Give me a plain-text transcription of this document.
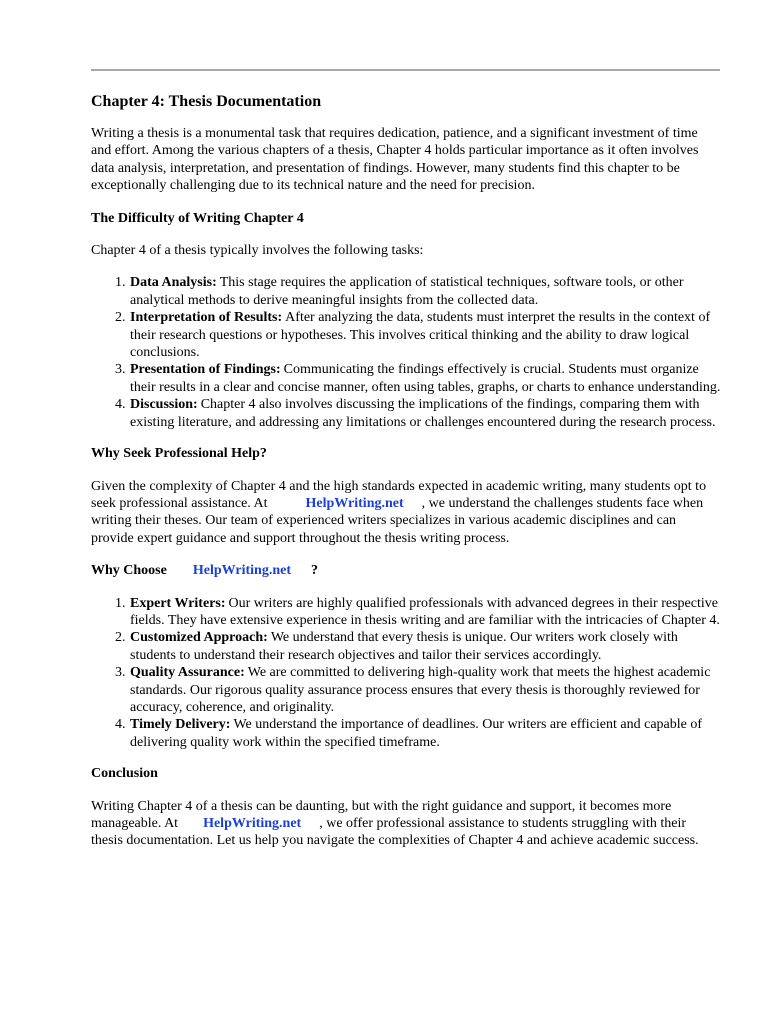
Chapter 4: Thesis Documentation

Writing a thesis is a monumental task that requires dedication, patience, and a significant investment of time and effort. Among the various chapters of a thesis, Chapter 4 holds particular importance as it often involves data analysis, interpretation, and presentation of findings. However, many students find this chapter to be exceptionally challenging due to its technical nature and the need for precision.

The Difficulty of Writing Chapter 4

Chapter 4 of a thesis typically involves the following tasks:

1. Data Analysis: This stage requires the application of statistical techniques, software tools, or other analytical methods to derive meaningful insights from the collected data.
2. Interpretation of Results: After analyzing the data, students must interpret the results in the context of their research questions or hypotheses. This involves critical thinking and the ability to draw logical conclusions.
3. Presentation of Findings: Communicating the findings effectively is crucial. Students must organize their results in a clear and concise manner, often using tables, graphs, or charts to enhance understanding.
4. Discussion: Chapter 4 also involves discussing the implications of the findings, comparing them with existing literature, and addressing any limitations or challenges encountered during the research process.
Why Seek Professional Help?

Given the complexity of Chapter 4 and the high standards expected in academic writing, many students opt to seek professional assistance. At	HelpWriting.net , we understand the challenges students face when writing their theses. Our team of experienced writers specializes in various academic disciplines and can provide expert guidance and support throughout the thesis writing process.

Why Choose HelpWriting.net ?
1. Expert Writers: Our writers are highly qualified professionals with advanced degrees in their respective fields. They have extensive experience in thesis writing and are familiar with the intricacies of Chapter 4.
2. Customized Approach: We understand that every thesis is unique. Our writers work closely with students to understand their research objectives and tailor their services accordingly.
3. Quality Assurance: We are committed to delivering high-quality work that meets the highest academic standards. Our rigorous quality assurance process ensures that every thesis is thoroughly reviewed for accuracy, coherence, and originality.
4. Timely Delivery: We understand the importance of deadlines. Our writers are efficient and capable of delivering quality work within the specified timeframe.
Conclusion

Writing Chapter 4 of a thesis can be daunting, but with the right guidance and support, it becomes more manageable. At HelpWriting.net , we offer professional assistance to students struggling with their thesis documentation. Let us help you navigate the complexities of Chapter 4 and achieve academic success.
